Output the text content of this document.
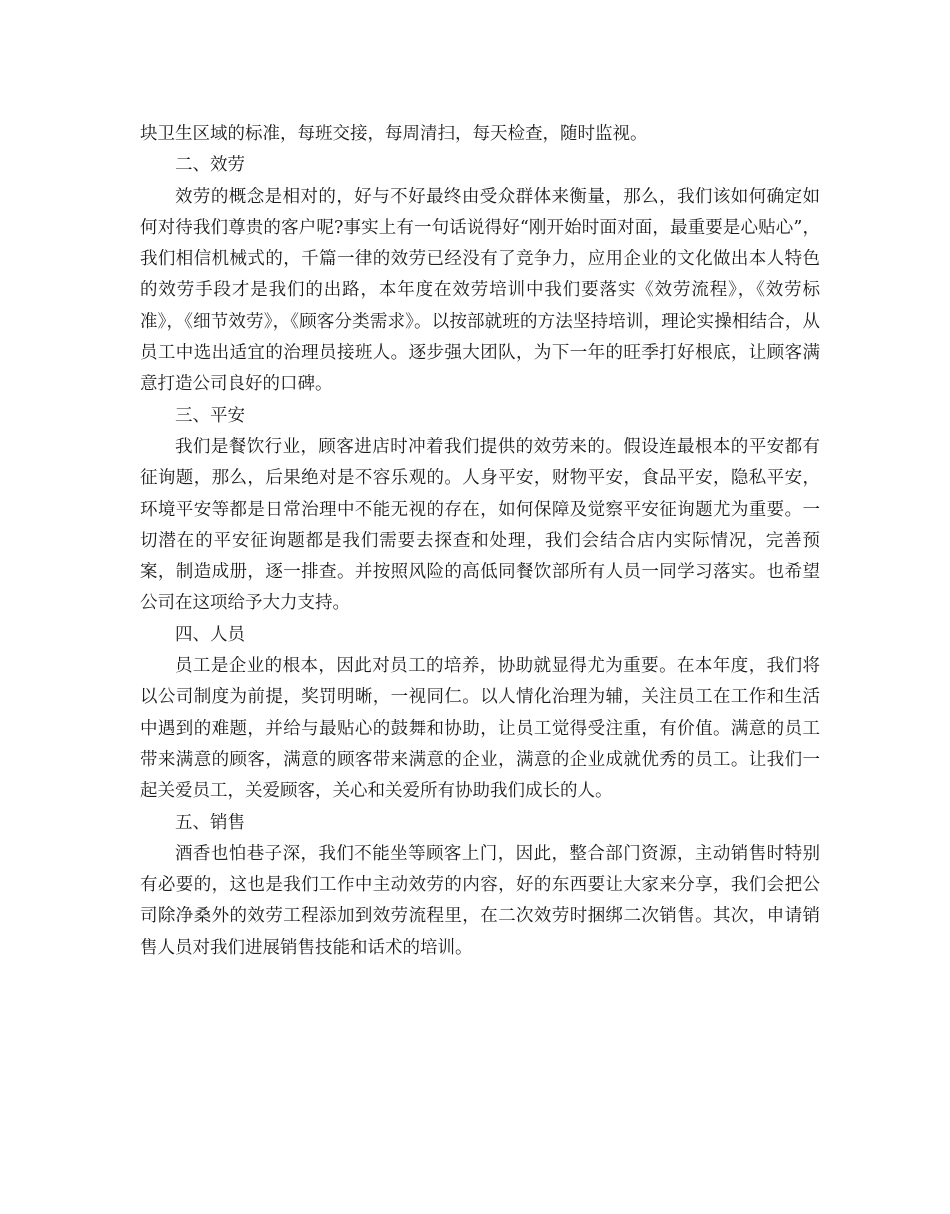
块卫生区域的标准，每班交接，每周清扫，每天检查，随时监视。

二、效劳

效劳的概念是相对的，好与不好最终由受众群体来衡量，那么，我们该如何确定如何对待我们尊贵的客户呢?事实上有一句话说得好“刚开始时面对面，最重要是心贴心”，我们相信机械式的，千篇一律的效劳已经没有了竞争力，应用企业的文化做出本人特色的效劳手段才是我们的出路，本年度在效劳培训中我们要落实《效劳流程》，《效劳标准》，《细节效劳》，《顾客分类需求》。以按部就班的方法坚持培训，理论实操相结合，从员工中选出适宜的治理员接班人。逐步强大团队，为下一年的旺季打好根底，让顾客满意打造公司良好的口碑。

三、平安

我们是餐饮行业，顾客进店时冲着我们提供的效劳来的。假设连最根本的平安都有征询题，那么，后果绝对是不容乐观的。人身平安，财物平安，食品平安，隐私平安，环境平安等都是日常治理中不能无视的存在，如何保障及觉察平安征询题尤为重要。一切潜在的平安征询题都是我们需要去探查和处理，我们会结合店内实际情况，完善预案，制造成册，逐一排查。并按照风险的高低同餐饮部所有人员一同学习落实。也希望公司在这项给予大力支持。

四、人员

员工是企业的根本，因此对员工的培养，协助就显得尤为重要。在本年度，我们将以公司制度为前提，奖罚明晰，一视同仁。以人情化治理为辅，关注员工在工作和生活中遇到的难题，并给与最贴心的鼓舞和协助，让员工觉得受注重，有价值。满意的员工带来满意的顾客，满意的顾客带来满意的企业，满意的企业成就优秀的员工。让我们一起关爱员工，关爱顾客，关心和关爱所有协助我们成长的人。

五、销售

酒香也怕巷子深，我们不能坐等顾客上门，因此，整合部门资源，主动销售时特别有必要的，这也是我们工作中主动效劳的内容，好的东西要让大家来分享，我们会把公司除净桑外的效劳工程添加到效劳流程里，在二次效劳时捆绑二次销售。其次，申请销售人员对我们进展销售技能和话术的培训。
